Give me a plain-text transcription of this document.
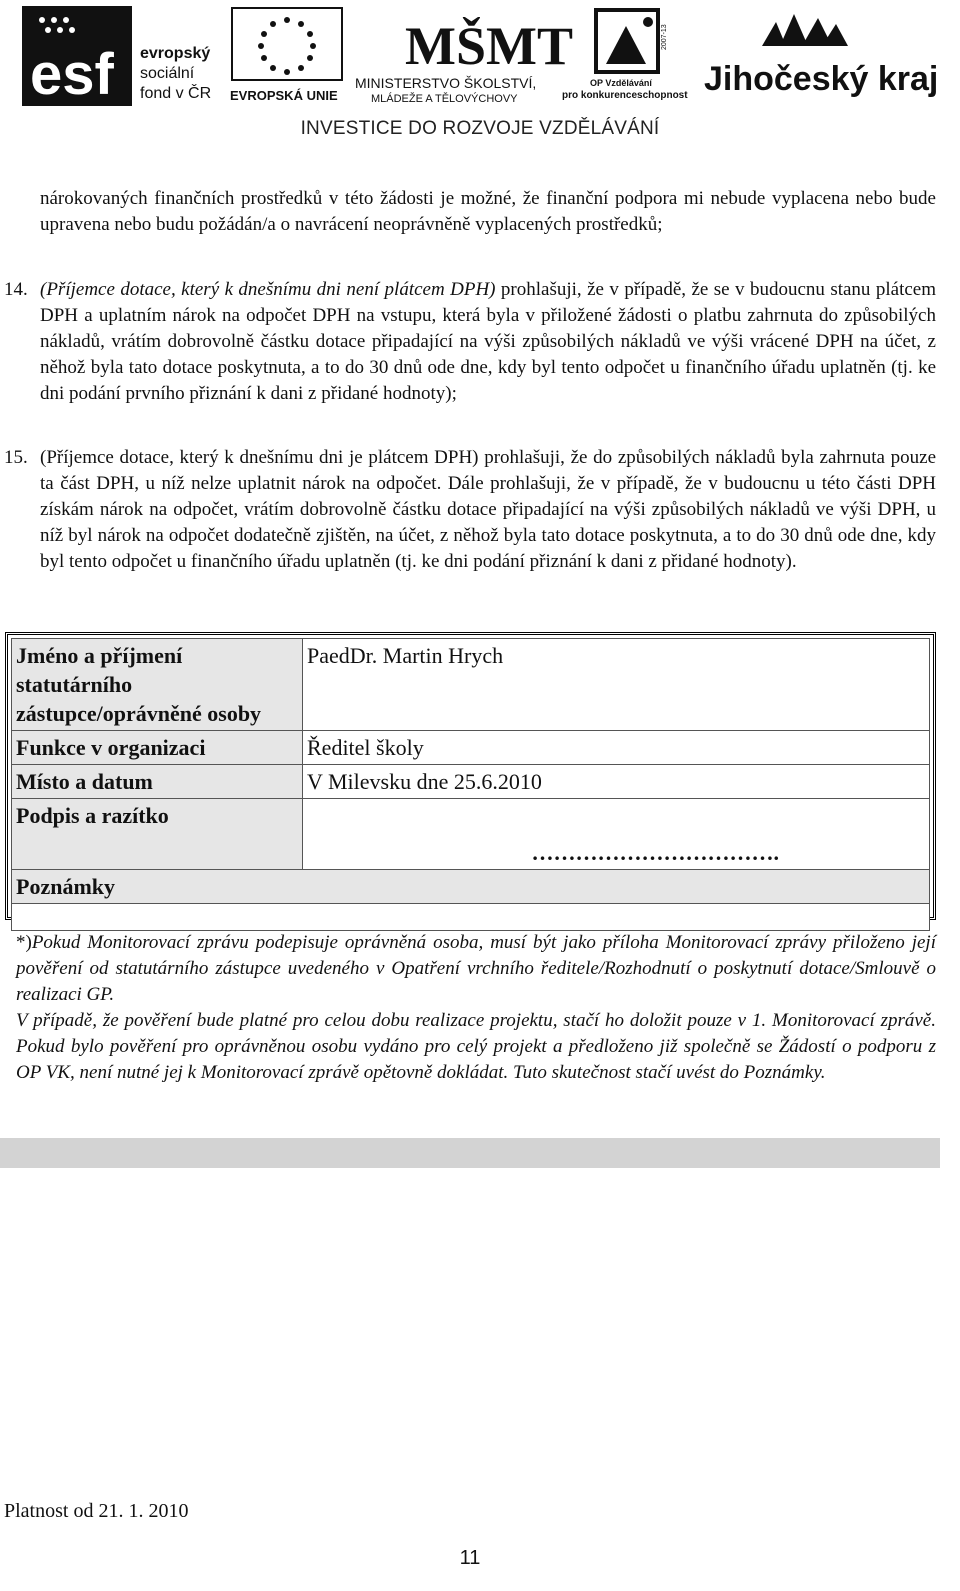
esf evropský
sociální
fond v ČR EVROPSKÁ UNIE
MŠMT
MINISTERSTVO ŠKOLSTVÍ,
MLÁDEŽE A TĚLOVÝCHOVY
2007-13
OP Vzdělávání
pro konkurenceschopnost Jihočeský kraj
INVESTICE DO ROZVOJE VZDĚLÁVÁNÍ
nárokovaných finančních prostředků v této žádosti je možné, že finanční podpora mi nebude vyplacena nebo bude upravena nebo budu požádán/a o navrácení neoprávněně vyplacených prostředků;
14. (Příjemce dotace, který k dnešnímu dni není plátcem DPH) prohlašuji, že v případě, že se v budoucnu stanu plátcem DPH a uplatním nárok na odpočet DPH na vstupu, která byla v přiložené žádosti o platbu zahrnuta do způsobilých nákladů, vrátím dobrovolně částku dotace připadající na výši způsobilých nákladů ve výši vrácené DPH na účet, z něhož byla tato dotace poskytnuta, a to do 30 dnů ode dne, kdy byl tento odpočet u finančního úřadu uplatněn (tj. ke dni podání prvního přiznání k dani z přidané hodnoty);
15. (Příjemce dotace, který k dnešnímu dni je plátcem DPH) prohlašuji, že do způsobilých nákladů byla zahrnuta pouze ta část DPH, u níž nelze uplatnit nárok na odpočet. Dále prohlašuji, že v případě, že v budoucnu u této části DPH získám nárok na odpočet, vrátím dobrovolně částku dotace připadající na výši způsobilých nákladů ve výši DPH, u níž byl nárok na odpočet dodatečně zjištěn, na účet, z něhož byla tato dotace poskytnuta, a to do 30 dnů ode dne, kdy byl tento odpočet u finančního úřadu uplatněn (tj. ke dni podání přiznání k dani z přidané hodnoty).
Jméno a příjmení statutárního zástupce/oprávněné osoby	PaedDr. Martin Hrych
Funkce v organizaci	Ředitel školy
Místo a datum	V Milevsku dne 25.6.2010
Podpis a razítko	…………………………….

Poznámky	

*)Pokud Monitorovací zprávu podepisuje oprávněná osoba, musí být jako příloha Monitorovací zprávy přiloženo její pověření od statutárního zástupce uvedeného v Opatření vrchního ředitele/Rozhodnutí o poskytnutí dotace/Smlouvě o realizaci GP.
V případě, že pověření bude platné pro celou dobu realizace projektu, stačí ho doložit pouze v 1. Monitorovací zprávě. Pokud bylo pověření pro oprávněnou osobu vydáno pro celý projekt a předloženo již společně se Žádostí o podporu z OP VK, není nutné jej k Monitorovací zprávě opětovně dokládat. Tuto skutečnost stačí uvést do Poznámky.
Platnost od 21. 1. 2010
11
